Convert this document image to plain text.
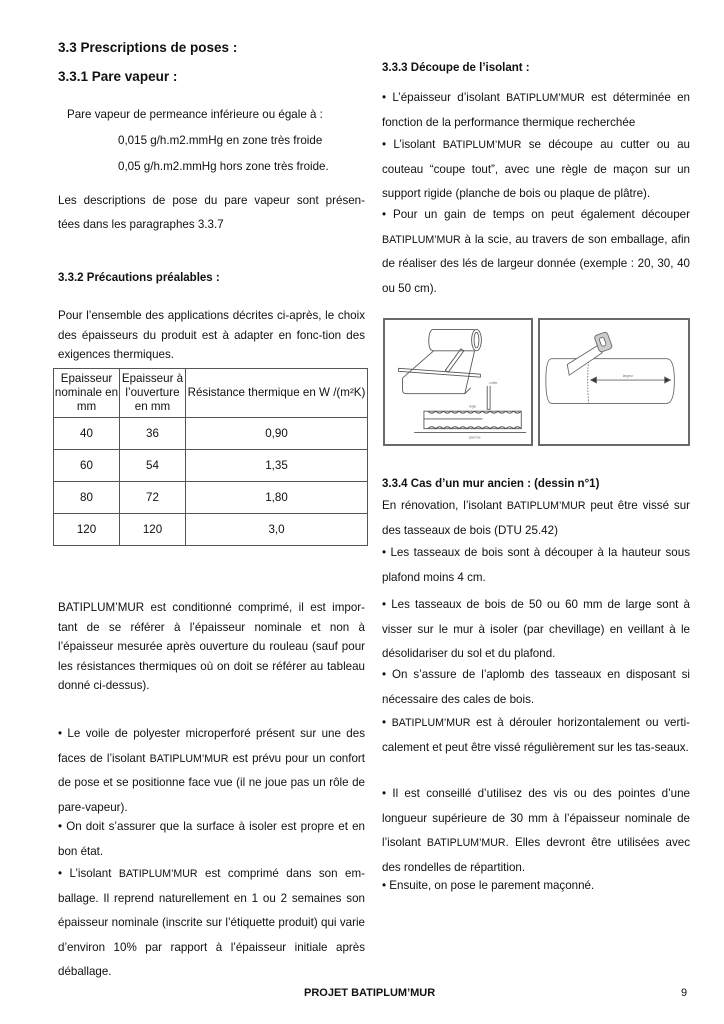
3.3 Prescriptions de poses :
3.3.1 Pare vapeur :
Pare vapeur de permeance inférieure ou égale à :
0,015 g/h.m2.mmHg en zone très froide
0,05 g/h.m2.mmHg hors zone très froide.
Les descriptions de pose du pare vapeur sont présen-
tées dans les paragraphes 3.3.7
3.3.2 Précautions préalables :
Pour l’ensemble des applications décrites ci-après, le choix des épaisseurs du produit est à adapter en fonc-tion des exigences thermiques.
Epaisseur nominale en mm	Epaisseur à l’ouverture en mm	Résistance thermique en W /(m²K)
40	36	0,90
60	54	1,35
80	72	1,80
120	120	3,0
BATIPLUM’MUR est conditionné comprimé, il est impor-tant de se référer à l’épaisseur nominale et non à l’épaisseur mesurée après ouverture du rouleau (sauf pour les résistances thermiques où on doit se référer au tableau donné ci-dessus).
• Le voile de polyester microperforé présent sur une des faces de l’isolant BATIPLUM’MUR est prévu pour un confort de pose et se positionne face vue (il ne joue pas un rôle de pare-vapeur).
• On doit s’assurer que la surface à isoler est propre et en bon état.
• L’isolant BATIPLUM’MUR est comprimé dans son em-ballage. Il reprend naturellement en 1 ou 2 semaines son épaisseur nominale (inscrite sur l’étiquette produit) qui varie d’environ 10% par rapport à l’épaisseur initiale après déballage.
3.3.3 Découpe de l’isolant :
• L’épaisseur d’isolant BATIPLUM’MUR est déterminée en fonction de la performance thermique recherchée
• L’isolant BATIPLUM’MUR se découpe au cutter ou au couteau “coupe tout”, avec une règle de maçon sur un support rigide (planche de bois ou plaque de plâtre).
• Pour un gain de temps on peut également découper BATIPLUM’MUR à la scie, au travers de son emballage, afin de réaliser des lés de largeur donnée (exemple : 20, 30, 40 ou 50 cm).
cutter
règle
planche
largeur
3.3.4 Cas d’un mur ancien : (dessin n°1)
En rénovation, l’isolant BATIPLUM’MUR peut être vissé sur des tasseaux de bois (DTU 25.42)
• Les tasseaux de bois sont à découper à la hauteur sous plafond moins 4 cm.
• Les tasseaux de bois de 50 ou 60 mm de large sont à visser sur le mur à isoler (par chevillage) en veillant à le désolidariser du sol et du plafond.
• On s’assure de l’aplomb des tasseaux en disposant si nécessaire des cales de bois.
• BATIPLUM’MUR est à dérouler horizontalement ou verti-calement et peut être vissé régulièrement sur les tas-seaux.
• Il est conseillé d’utilisez des vis ou des pointes d’une longueur supérieure de 30 mm à l’épaisseur nominale de l’isolant BATIPLUM’MUR. Elles devront être utilisées avec des rondelles de répartition.
• Ensuite, on pose le parement maçonné.
PROJET BATIPLUM’MUR	9
